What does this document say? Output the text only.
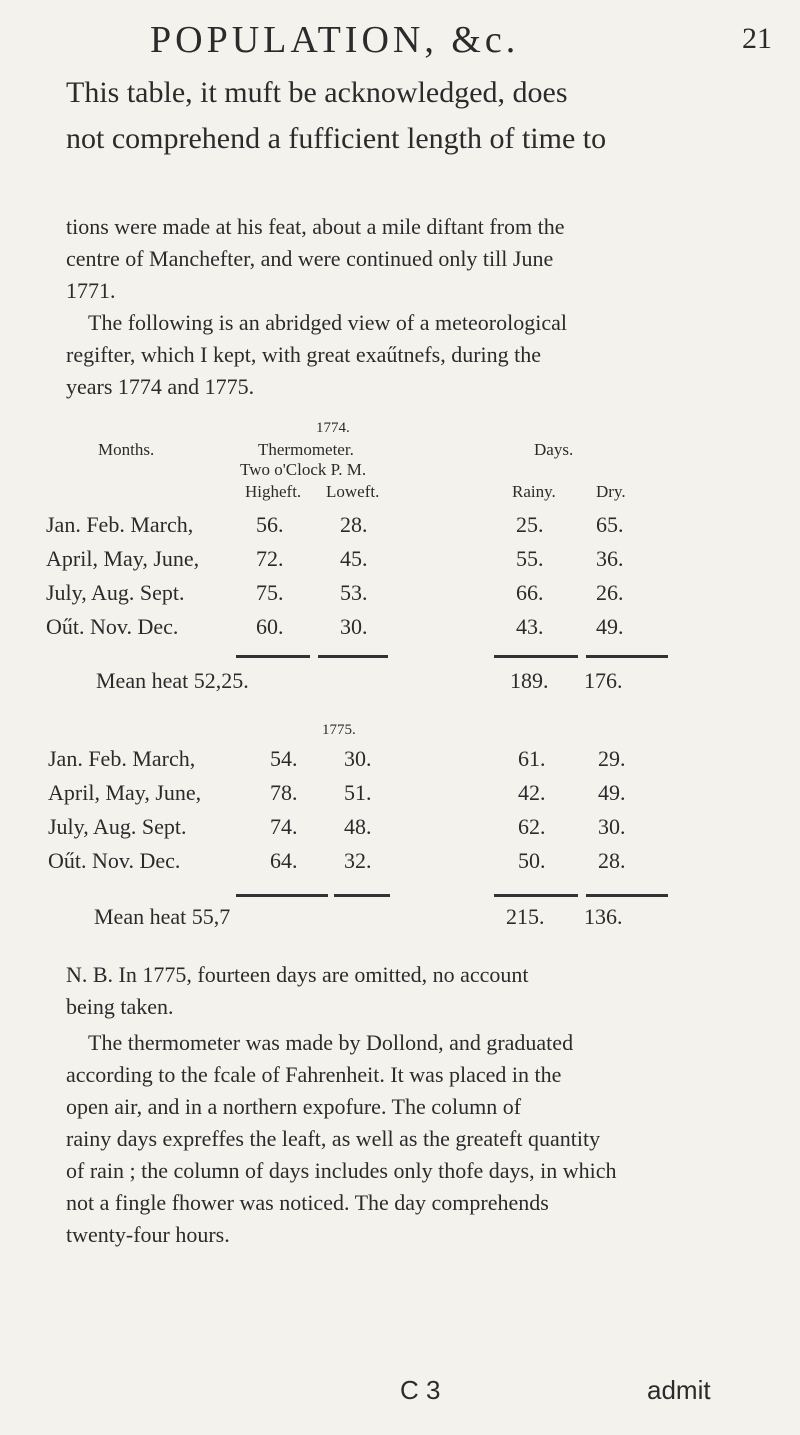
POPULATION, &c.	21
This table, it muft be acknowledged, does
not comprehend a fufficient length of time to
tions were made at his feat, about a mile diftant from the
centre of Manchefter, and were continued only till June
1771.
The following is an abridged view of a meteorological
regifter, which I kept, with great exaűtnefs, during the
years 1774 and 1775.
1774.
Months.	Thermometer.	Days.
Two o'Clock P. M.
Higheft. Loweft.	Rainy. Dry.
Jan. Feb. March,	56.	28.	25. 65.
April, May, June,	72.	45.	55. 36.
July, Aug. Sept.	75.	53.	66. 26.
Oűt. Nov. Dec.	60.	30.	43. 49.
Mean heat 52,25.	189. 176.
1775.
Jan. Feb. March,	54. 30.	61. 29.
April, May, June,	78. 51.	42. 49.
July, Aug. Sept.	74. 48.	62. 30.
Oűt. Nov. Dec.	64. 32.	50. 28.
Mean heat 55,7	215. 136.
N. B. In 1775, fourteen days are omitted, no account
being taken.
The thermometer was made by Dollond, and graduated
according to the fcale of Fahrenheit. It was placed in the
open air, and in a northern expofure. The column of
rainy days expreffes the leaft, as well as the greateft quantity
of rain ; the column of days includes only thofe days, in which
not a fingle fhower was noticed. The day comprehends
twenty-four hours.
C 3	admit
